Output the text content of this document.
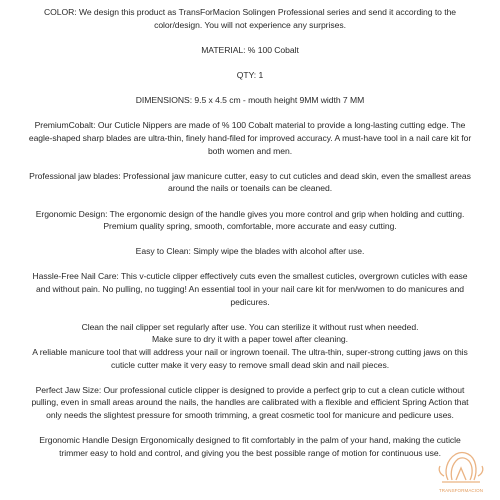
COLOR: We design this product as TransForMacion Solingen Professional series and send it according to the color/design. You will not experience any surprises.

MATERIAL: % 100 Cobalt

QTY: 1

DIMENSIONS: 9.5 x 4.5 cm - mouth height 9MM width 7 MM

PremiumCobalt: Our Cuticle Nippers are made of % 100 Cobalt material to provide a long-lasting cutting edge. The eagle-shaped sharp blades are ultra-thin, finely hand-filed for improved accuracy. A must-have tool in a nail care kit for both women and men.

Professional jaw blades: Professional jaw manicure cutter, easy to cut cuticles and dead skin, even the smallest areas around the nails or toenails can be cleaned.

Ergonomic Design: The ergonomic design of the handle gives you more control and grip when holding and cutting. Premium quality spring, smooth, comfortable, more accurate and easy cutting.

Easy to Clean: Simply wipe the blades with alcohol after use.

Hassle-Free Nail Care: This v-cuticle clipper effectively cuts even the smallest cuticles, overgrown cuticles with ease and without pain. No pulling, no tugging! An essential tool in your nail care kit for men/women to do manicures and pedicures.

Clean the nail clipper set regularly after use. You can sterilize it without rust when needed.

Make sure to dry it with a paper towel after cleaning.

A reliable manicure tool that will address your nail or ingrown toenail. The ultra-thin, super-strong cutting jaws on this cuticle cutter make it very easy to remove small dead skin and nail pieces.

Perfect Jaw Size: Our professional cuticle clipper is designed to provide a perfect grip to cut a clean cuticle without pulling, even in small areas around the nails, the handles are calibrated with a flexible and efficient Spring Action that only needs the slightest pressure for smooth trimming, a great cosmetic tool for manicure and pedicure uses.

Ergonomic Handle Design Ergonomically designed to fit comfortably in the palm of your hand, making the cuticle trimmer easy to hold and control, and giving you the best possible range of motion for continuous use.

TRANSFORMACION
